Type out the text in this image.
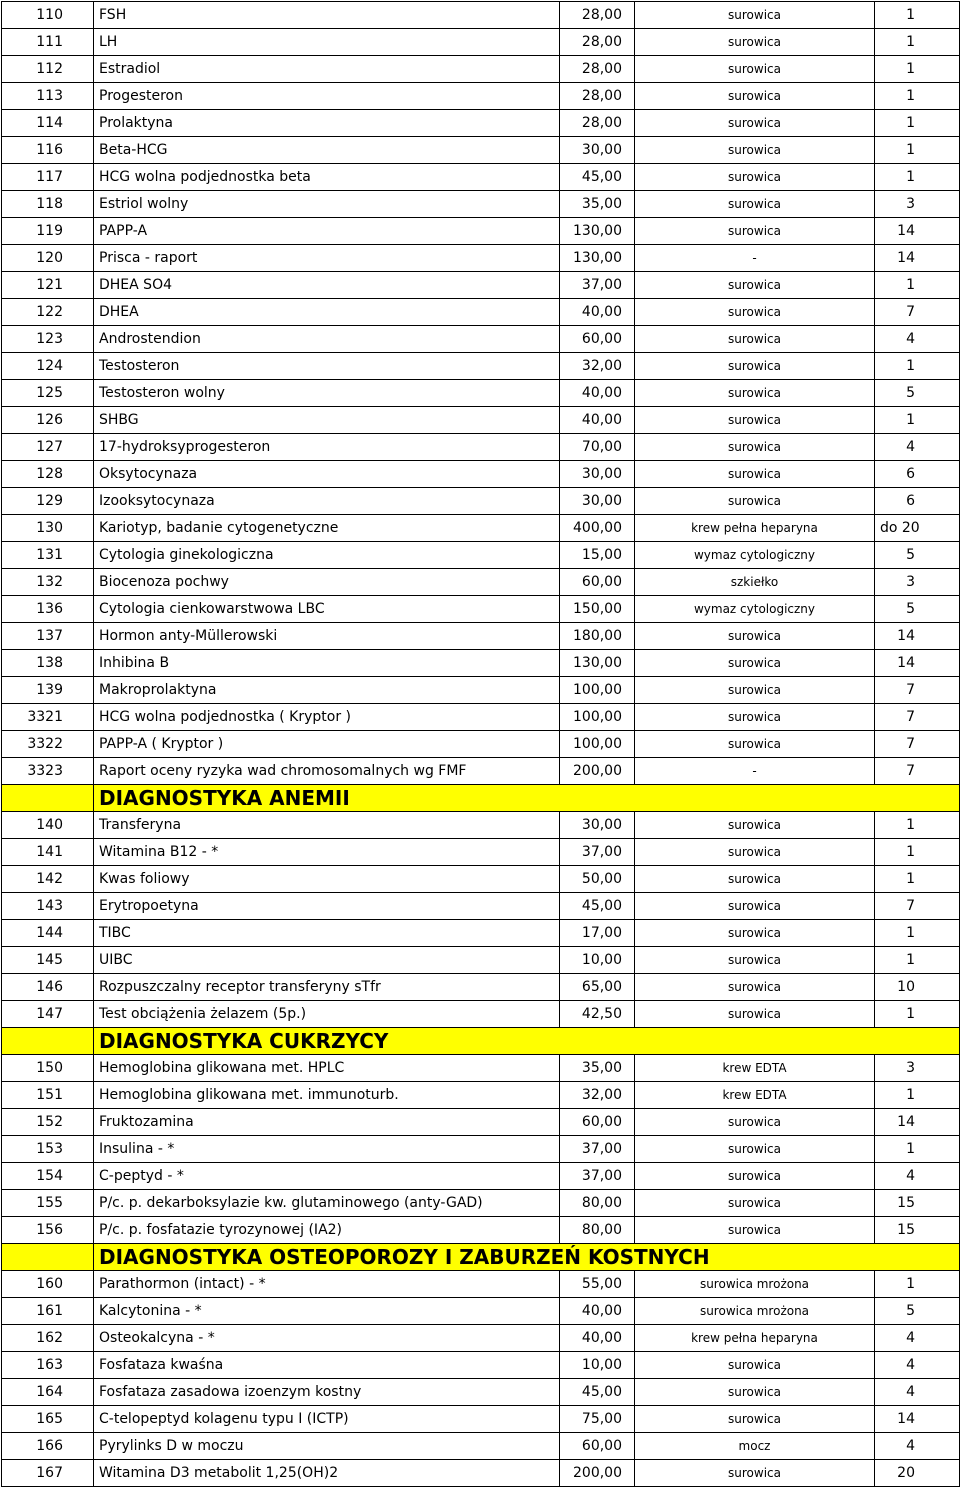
110	FSH	28,00	surowica	1
111	LH	28,00	surowica	1
112	Estradiol	28,00	surowica	1
113	Progesteron	28,00	surowica	1
114	Prolaktyna	28,00	surowica	1
116	Beta-HCG	30,00	surowica	1
117	HCG wolna podjednostka beta	45,00	surowica	1
118	Estriol wolny	35,00	surowica	3
119	PAPP-A	130,00	surowica	14
120	Prisca - raport	130,00	-	14
121	DHEA SO4	37,00	surowica	1
122	DHEA	40,00	surowica	7
123	Androstendion	60,00	surowica	4
124	Testosteron	32,00	surowica	1
125	Testosteron wolny	40,00	surowica	5
126	SHBG	40,00	surowica	1
127	17-hydroksyprogesteron	70,00	surowica	4
128	Oksytocynaza	30,00	surowica	6
129	Izooksytocynaza	30,00	surowica	6
130	Kariotyp, badanie cytogenetyczne	400,00	krew pełna heparyna	do 20
131	Cytologia ginekologiczna	15,00	wymaz cytologiczny	5
132	Biocenoza pochwy	60,00	szkiełko	3
136	Cytologia cienkowarstwowa LBC	150,00	wymaz cytologiczny	5
137	Hormon anty-Müllerowski	180,00	surowica	14
138	Inhibina B	130,00	surowica	14
139	Makroprolaktyna	100,00	surowica	7
3321	HCG wolna podjednostka ( Kryptor )	100,00	surowica	7
3322	PAPP-A ( Kryptor )	100,00	surowica	7
3323	Raport oceny ryzyka wad chromosomalnych wg FMF	200,00	-	7
	DIAGNOSTYKA ANEMII			
140	Transferyna	30,00	surowica	1
141	Witamina B12 - *	37,00	surowica	1
142	Kwas foliowy	50,00	surowica	1
143	Erytropoetyna	45,00	surowica	7
144	TIBC	17,00	surowica	1
145	UIBC	10,00	surowica	1
146	Rozpuszczalny receptor transferyny sTfr	65,00	surowica	10
147	Test obciążenia żelazem (5p.)	42,50	surowica	1
	DIAGNOSTYKA CUKRZYCY			
150	Hemoglobina glikowana met. HPLC	35,00	krew EDTA	3
151	Hemoglobina glikowana met. immunoturb.	32,00	krew EDTA	1
152	Fruktozamina	60,00	surowica	14
153	Insulina - *	37,00	surowica	1
154	C-peptyd - *	37,00	surowica	4
155	P/c. p. dekarboksylazie kw. glutaminowego (anty-GAD)	80,00	surowica	15
156	P/c. p. fosfatazie tyrozynowej (IA2)	80,00	surowica	15
	DIAGNOSTYKA OSTEOPOROZY I ZABURZEŃ KOSTNYCH			
160	Parathormon (intact) - *	55,00	surowica mrożona	1
161	Kalcytonina - *	40,00	surowica mrożona	5
162	Osteokalcyna - *	40,00	krew pełna heparyna	4
163	Fosfataza kwaśna	10,00	surowica	4
164	Fosfataza zasadowa izoenzym kostny	45,00	surowica	4
165	C-telopeptyd kolagenu typu I (ICTP)	75,00	surowica	14
166	Pyrylinks D w moczu	60,00	mocz	4
167	Witamina D3 metabolit 1,25(OH)2	200,00	surowica	20
